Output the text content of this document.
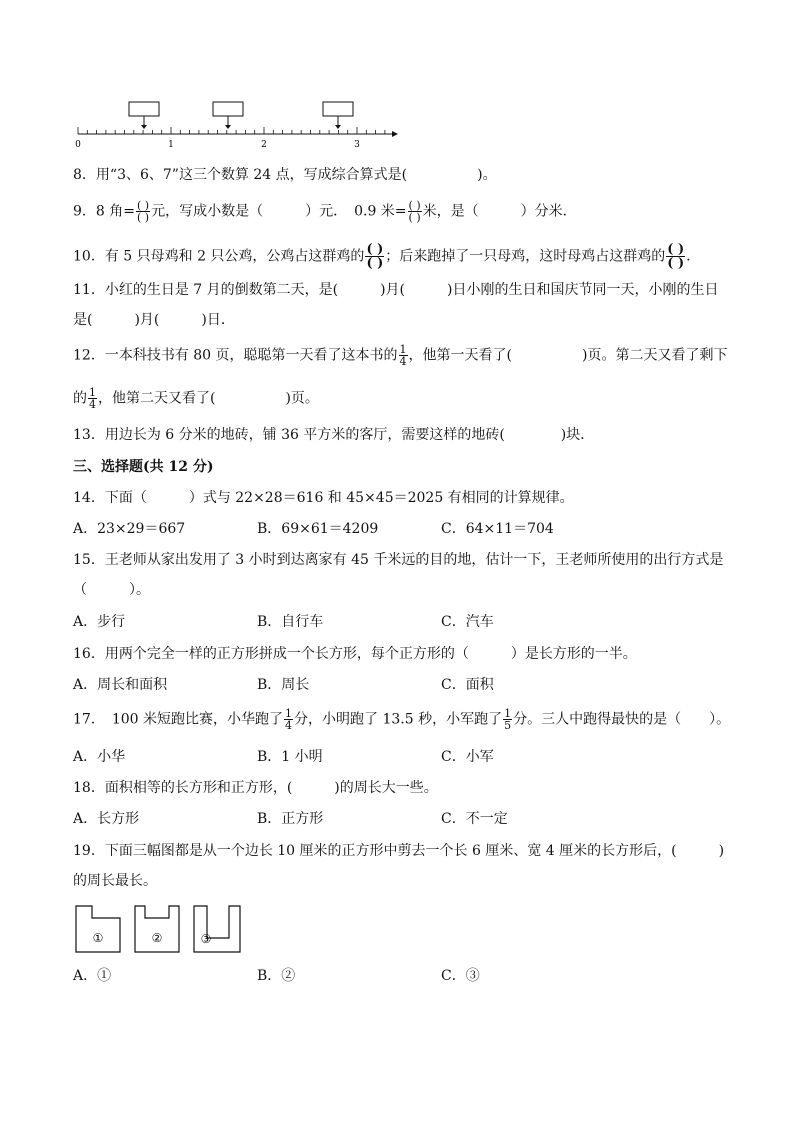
0	1	2	3
8．用“3、6、7”这三个数算 24 点，写成综合算式是(　　　　　)。
9．8 角= $\frac{( )}{( )}$ 元，写成小数是（　　　）元．　0.9 米= $\frac{( )}{( )}$ 米，是（　　　）分米．
10．有 5 只母鸡和 2 只公鸡，公鸡占这群鸡的 $\frac{( )}{( )}$ ；后来跑掉了一只母鸡，这时母鸡占这群鸡的 $\frac{( )}{( )}$ .
11．小红的生日是 7 月的倒数第二天，是(　　　)月(　　　)日小刚的生日和国庆节同一天，小刚的生日
是(　　　)月(　　　)日．
12．一本科技书有 80 页，聪聪第一天看了这本书的 $\frac{1}{4}$ ，他第一天看了(　　　　　)页。第二天又看了剩下
的 $\frac{1}{4}$ ，他第二天又看了(　　　　　)页。
13．用边长为 6 分米的地砖，铺 36 平方米的客厅，需要这样的地砖(　　　　)块．
三、选择题(共 12 分)
14．下面（　　　）式与 22×28＝616 和 45×45＝2025 有相同的计算规律。
A．23×29＝667	B．69×61＝4209	C．64×11＝704
15．王老师从家出发用了 3 小时到达离家有 45 千米远的目的地，估计一下，王老师所使用的出行方式是
（　　　）。
A．步行	B．自行车	C．汽车
16．用两个完全一样的正方形拼成一个长方形，每个正方形的（　　　）是长方形的一半。
A．周长和面积	B．周长	C．面积
17．　100 米短跑比赛，小华跑了 $\frac{1}{4}$ 分，小明跑了 13.5 秒，小军跑了 $\frac{1}{5}$ 分。三人中跑得最快的是（　　）。
A．小华	B．1 小明	C．小军
18．面积相等的长方形和正方形，(　　　)的周长大一些。
A．长方形	B．正方形	C．不一定
19．下面三幅图都是从一个边长 10 厘米的正方形中剪去一个长 6 厘米、宽 4 厘米的长方形后，(　　　)
的周长最长。
①	②	③
A．①	B．②	C．③
